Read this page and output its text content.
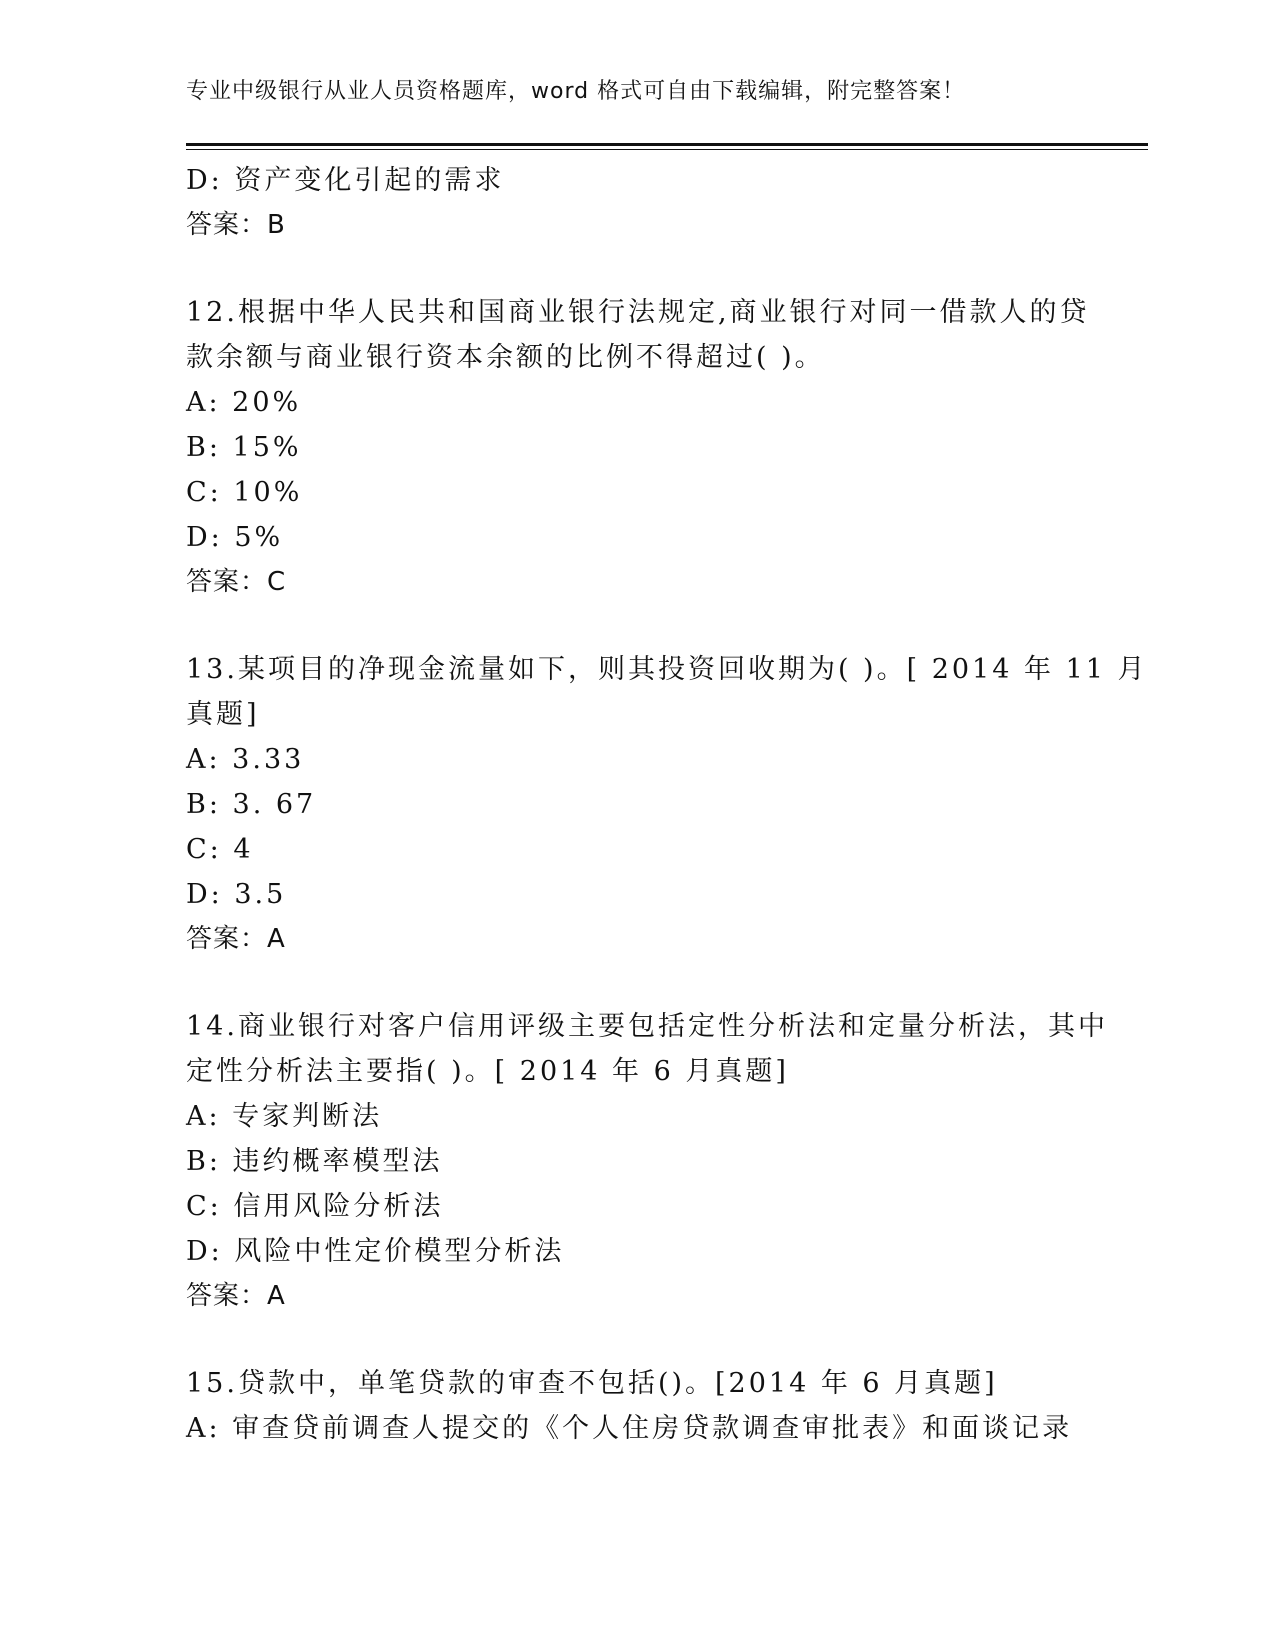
专业中级银行从业人员资格题库，word 格式可自由下载编辑，附完整答案！
D: 资产变化引起的需求
答案：B
12.根据中华人民共和国商业银行法规定,商业银行对同一借款人的贷
款余额与商业银行资本余额的比例不得超过( )。
A: 20%
B: 15%
C: 10%
D: 5%
答案：C
13.某项目的净现金流量如下，则其投资回收期为( )。[ 2014 年 11 月
真题]
A: 3.33
B: 3. 67
C: 4
D: 3.5
答案：A
14.商业银行对客户信用评级主要包括定性分析法和定量分析法，其中
定性分析法主要指( )。[ 2014 年 6 月真题]
A: 专家判断法
B: 违约概率模型法
C: 信用风险分析法
D: 风险中性定价模型分析法
答案：A
15.贷款中，单笔贷款的审查不包括()。[2014 年 6 月真题]
A: 审查贷前调查人提交的《个人住房贷款调查审批表》和面谈记录
